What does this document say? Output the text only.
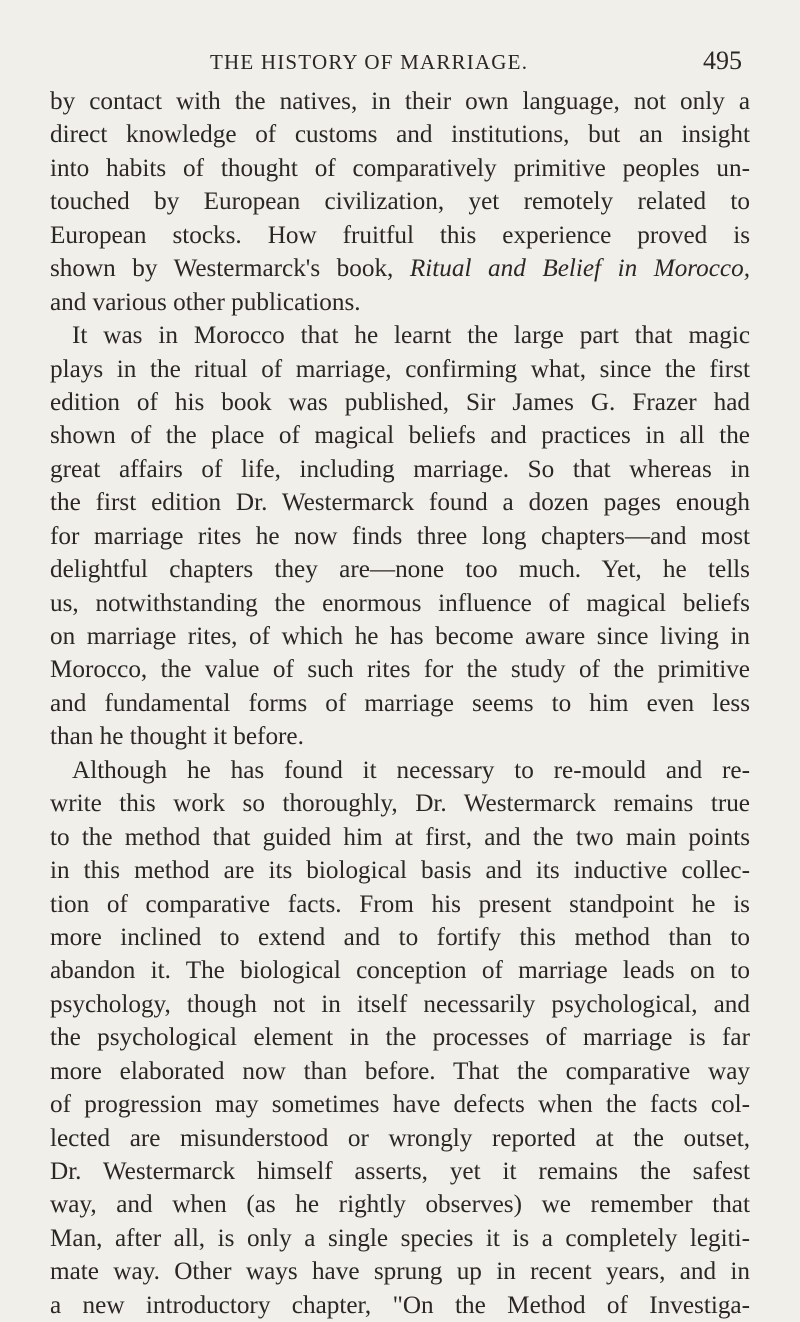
THE HISTORY OF MARRIAGE.	495
by contact with the natives, in their own language, not only a
direct knowledge of customs and institutions, but an insight
into habits of thought of comparatively primitive peoples un-
touched by European civilization, yet remotely related to
European stocks. How fruitful this experience proved is
shown by Westermarck's book, Ritual and Belief in Morocco,
and various other publications.
It was in Morocco that he learnt the large part that magic
plays in the ritual of marriage, confirming what, since the first
edition of his book was published, Sir James G. Frazer had
shown of the place of magical beliefs and practices in all the
great affairs of life, including marriage. So that whereas in
the first edition Dr. Westermarck found a dozen pages enough
for marriage rites he now finds three long chapters—and most
delightful chapters they are—none too much. Yet, he tells
us, notwithstanding the enormous influence of magical beliefs
on marriage rites, of which he has become aware since living in
Morocco, the value of such rites for the study of the primitive
and fundamental forms of marriage seems to him even less
than he thought it before.
Although he has found it necessary to re-mould and re-
write this work so thoroughly, Dr. Westermarck remains true
to the method that guided him at first, and the two main points
in this method are its biological basis and its inductive collec-
tion of comparative facts. From his present standpoint he is
more inclined to extend and to fortify this method than to
abandon it. The biological conception of marriage leads on to
psychology, though not in itself necessarily psychological, and
the psychological element in the processes of marriage is far
more elaborated now than before. That the comparative way
of progression may sometimes have defects when the facts col-
lected are misunderstood or wrongly reported at the outset,
Dr. Westermarck himself asserts, yet it remains the safest
way, and when (as he rightly observes) we remember that
Man, after all, is only a single species it is a completely legiti-
mate way. Other ways have sprung up in recent years, and in
a new introductory chapter, "On the Method of Investiga-
